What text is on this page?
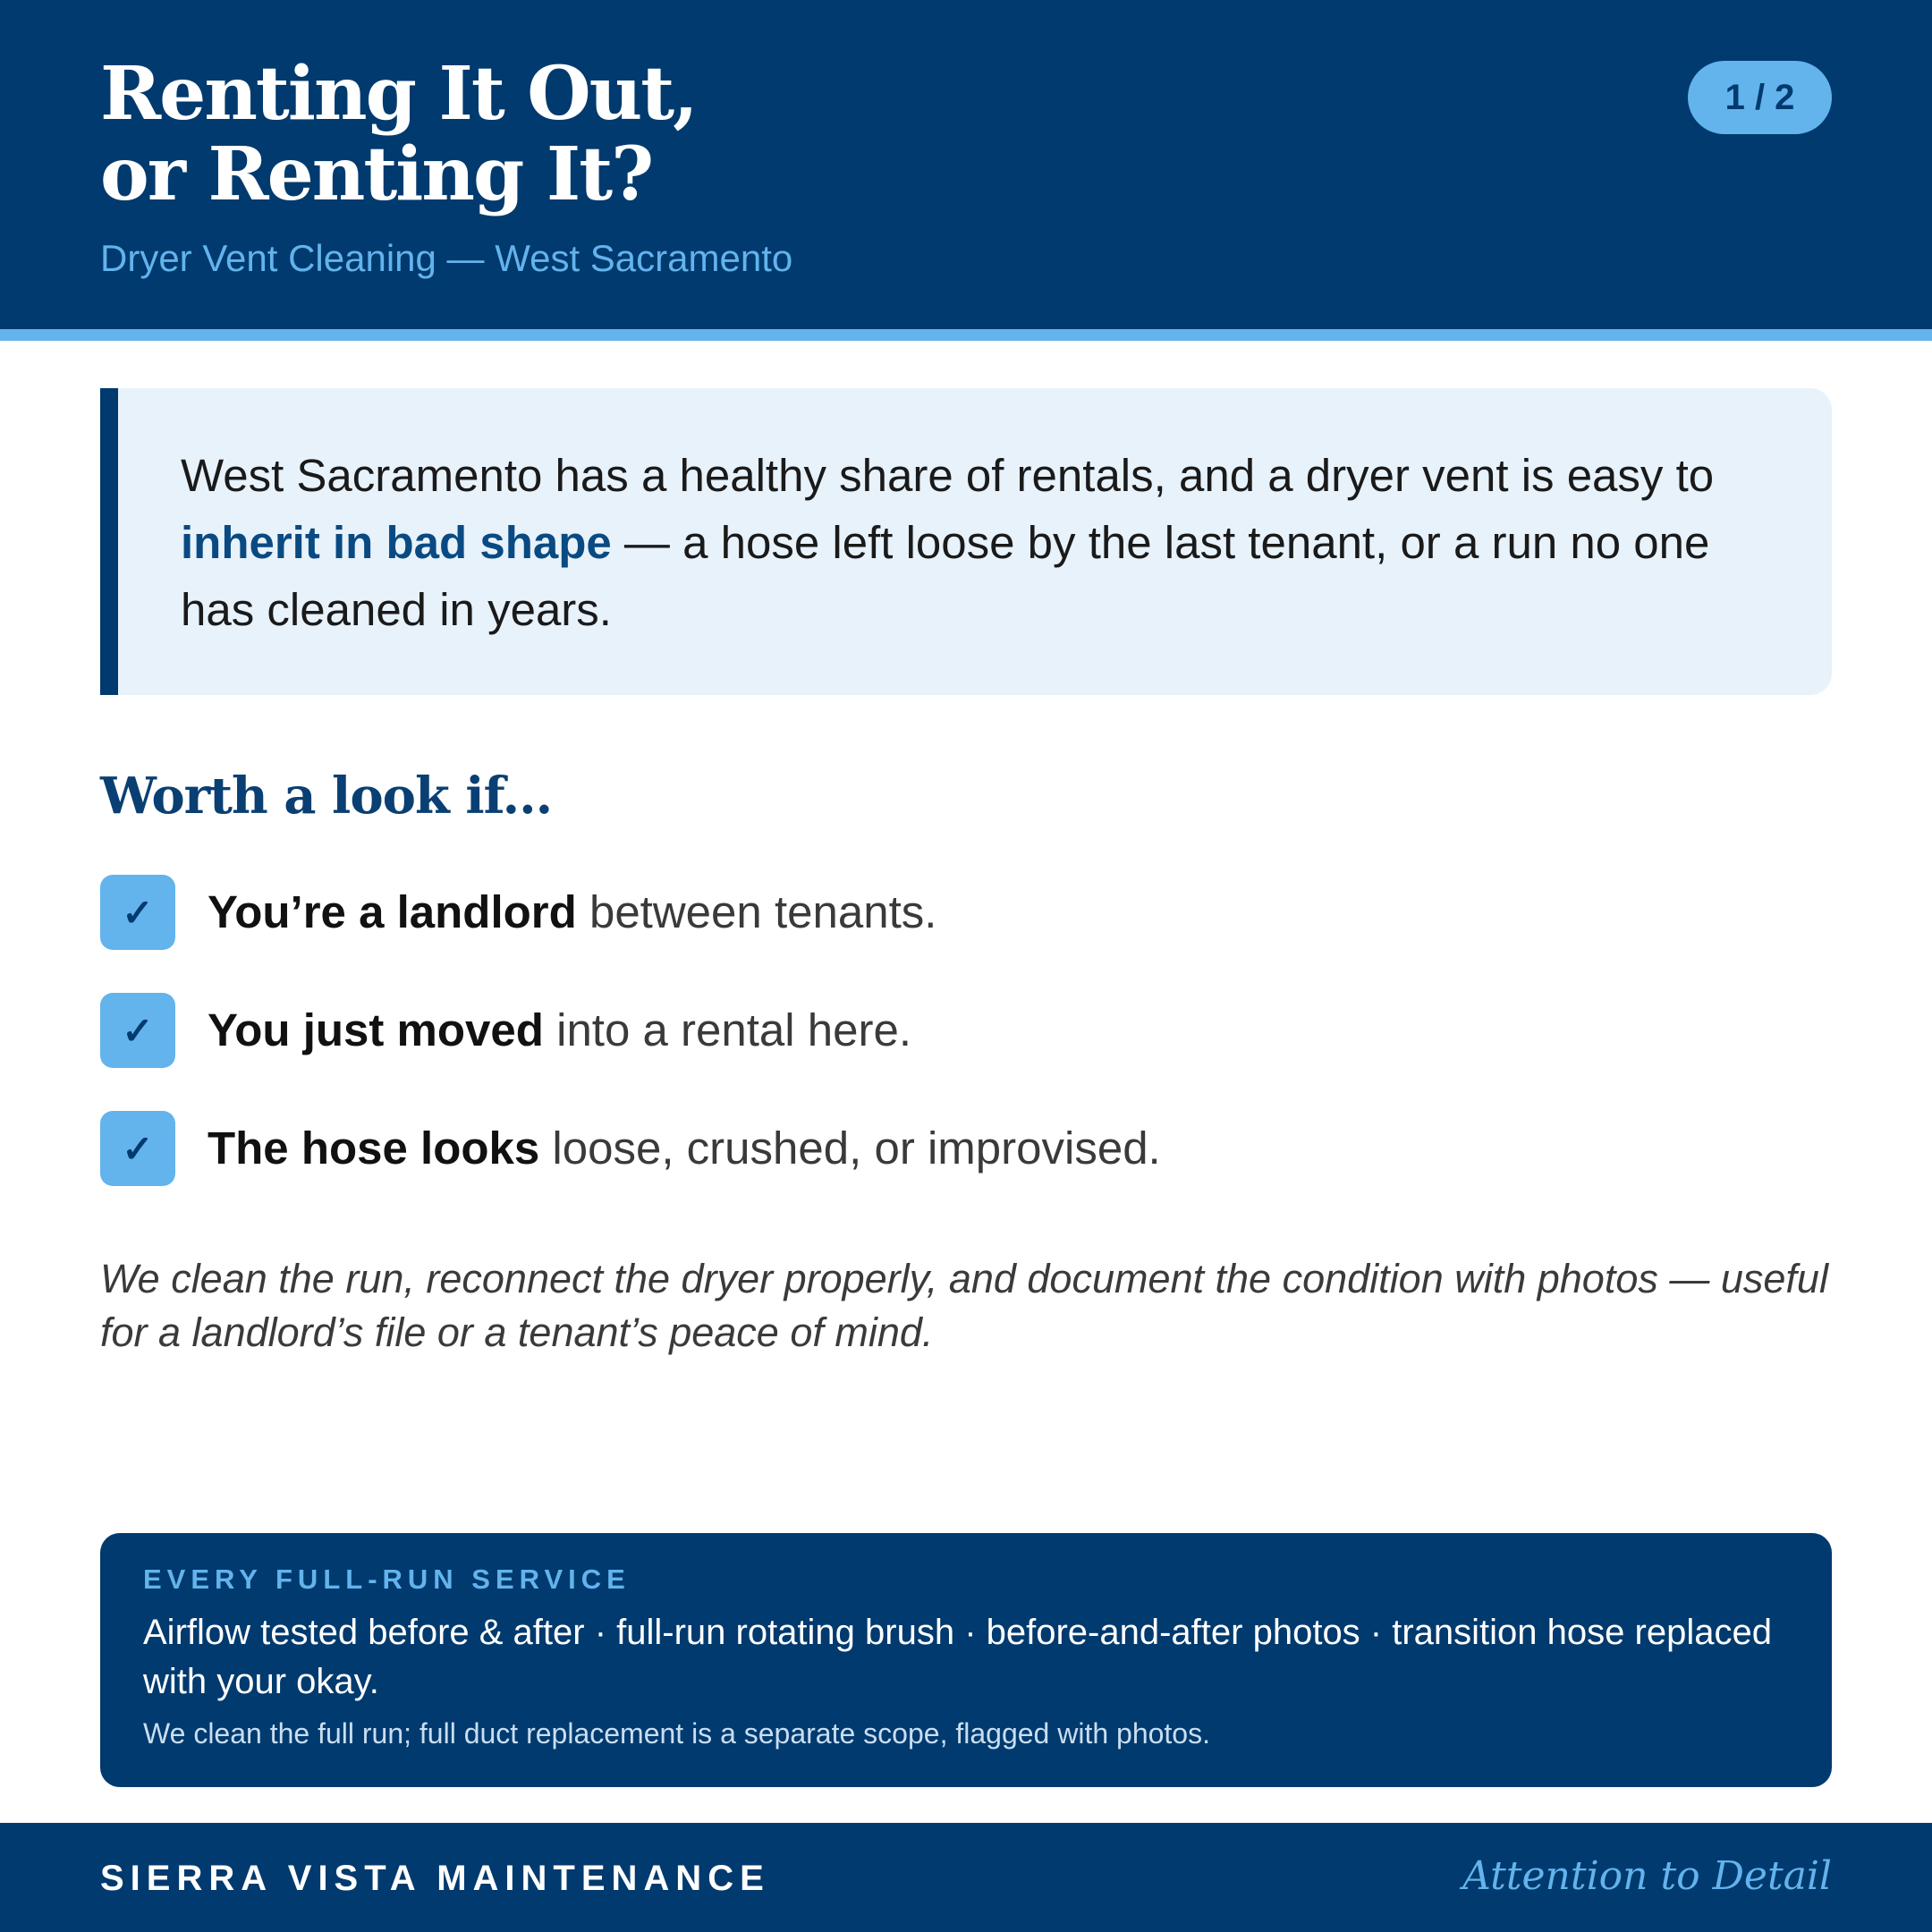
Renting It Out,
or Renting It?
Dryer Vent Cleaning — West Sacramento
1 / 2
West Sacramento has a healthy share of rentals, and a dryer vent is easy to inherit in bad shape — a hose left loose by the last tenant, or a run no one has cleaned in years.
Worth a look if...
✓	You’re a landlord between tenants.
✓	You just moved into a rental here.
✓	The hose looks loose, crushed, or improvised.

We clean the run, reconnect the dryer properly, and document the condition with photos — useful for a landlord’s file or a tenant’s peace of mind.

EVERY FULL-RUN SERVICE
Airflow tested before & after · full-run rotating brush · before-and-after photos · transition hose replaced with your okay.
We clean the full run; full duct replacement is a separate scope, flagged with photos.
SIERRA VISTA MAINTENANCE	Attention to Detail
